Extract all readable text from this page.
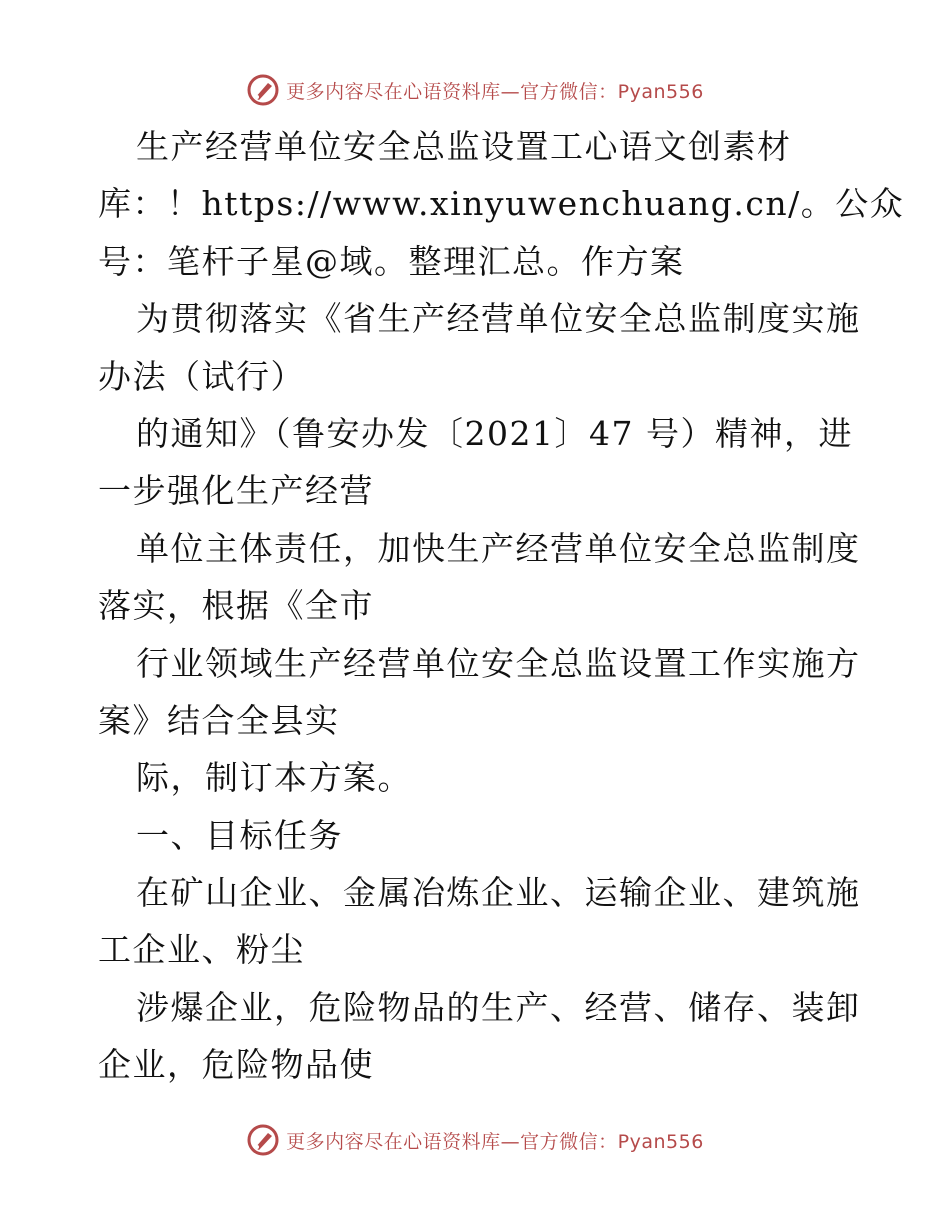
更多内容尽在心语资料库—官方微信：Pyan556
生产经营单位安全总监设置工心语文创素材
库：！https://www.xinyuwenchuang.cn/。公众
号：笔杆子星@域。整理汇总。作方案
为贯彻落实《省生产经营单位安全总监制度实施
办法（试行）
的通知》（鲁安办发〔2021〕47 号）精神，进
一步强化生产经营
单位主体责任，加快生产经营单位安全总监制度
落实，根据《全市
行业领域生产经营单位安全总监设置工作实施方
案》结合全县实
际，制订本方案。
一、目标任务
在矿山企业、金属冶炼企业、运输企业、建筑施
工企业、粉尘
涉爆企业，危险物品的生产、经营、储存、装卸
企业，危险物品使
更多内容尽在心语资料库—官方微信：Pyan556
